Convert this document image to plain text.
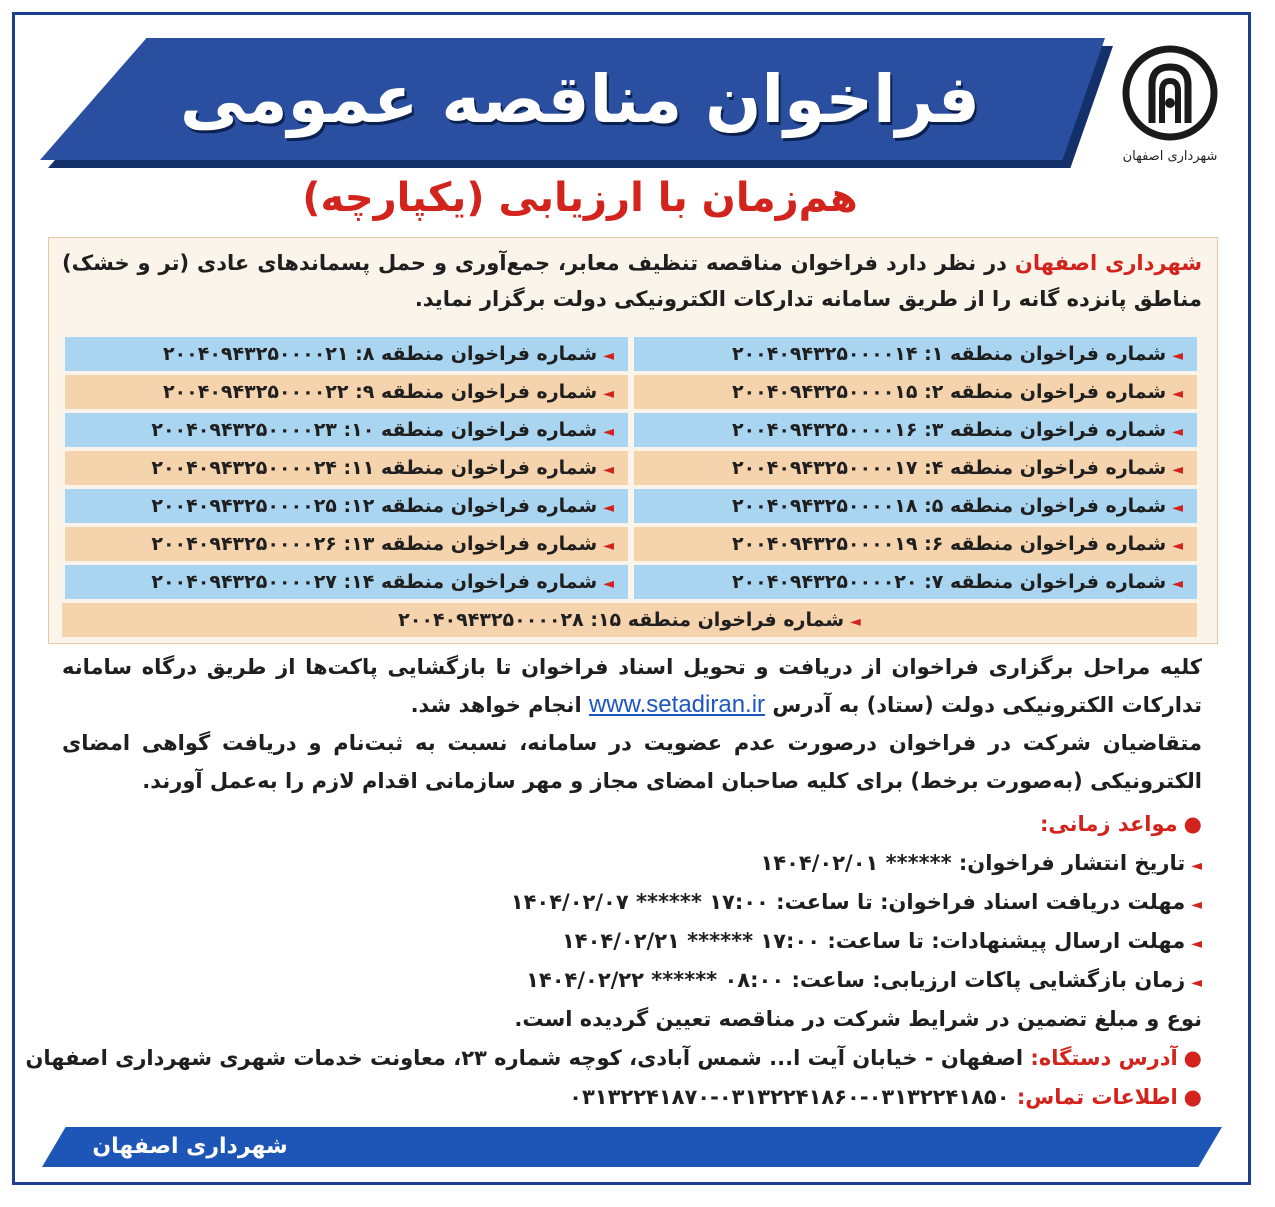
فراخوان مناقصه عمومی
شهرداری اصفهان
هم‌زمان با ارزیابی (یکپارچه)
شهرداری اصفهان در نظر دارد فراخوان مناقصه تنظیف معابر، جمع‌آوری و حمل پسماندهای عادی (تر و خشک) مناطق پانزده گانه را از طریق سامانه تدارکات الکترونیکی دولت برگزار نماید.
◄شماره فراخوان منطقه ۱: ۲۰۰۴۰۹۴۳۲۵۰۰۰۰۱۴
◄شماره فراخوان منطقه ۸: ۲۰۰۴۰۹۴۳۲۵۰۰۰۰۲۱
◄شماره فراخوان منطقه ۲: ۲۰۰۴۰۹۴۳۲۵۰۰۰۰۱۵
◄شماره فراخوان منطقه ۹: ۲۰۰۴۰۹۴۳۲۵۰۰۰۰۲۲
◄شماره فراخوان منطقه ۳: ۲۰۰۴۰۹۴۳۲۵۰۰۰۰۱۶
◄شماره فراخوان منطقه ۱۰: ۲۰۰۴۰۹۴۳۲۵۰۰۰۰۲۳
◄شماره فراخوان منطقه ۴: ۲۰۰۴۰۹۴۳۲۵۰۰۰۰۱۷
◄شماره فراخوان منطقه ۱۱: ۲۰۰۴۰۹۴۳۲۵۰۰۰۰۲۴
◄شماره فراخوان منطقه ۵: ۲۰۰۴۰۹۴۳۲۵۰۰۰۰۱۸
◄شماره فراخوان منطقه ۱۲: ۲۰۰۴۰۹۴۳۲۵۰۰۰۰۲۵
◄شماره فراخوان منطقه ۶: ۲۰۰۴۰۹۴۳۲۵۰۰۰۰۱۹
◄شماره فراخوان منطقه ۱۳: ۲۰۰۴۰۹۴۳۲۵۰۰۰۰۲۶
◄شماره فراخوان منطقه ۷: ۲۰۰۴۰۹۴۳۲۵۰۰۰۰۲۰
◄شماره فراخوان منطقه ۱۴: ۲۰۰۴۰۹۴۳۲۵۰۰۰۰۲۷
◄شماره فراخوان منطقه ۱۵: ۲۰۰۴۰۹۴۳۲۵۰۰۰۰۲۸
کلیه مراحل برگزاری فراخوان از دریافت و تحویل اسناد فراخوان تا بازگشایی پاکت‌ها از طریق درگاه سامانه تدارکات الکترونیکی دولت (ستاد) به آدرس www.setadiran.ir انجام خواهد شد.
متقاضیان شرکت در فراخوان درصورت عدم عضویت در سامانه، نسبت به ثبت‌نام و دریافت گواهی امضای الکترونیکی (به‌صورت برخط) برای کلیه صاحبان امضای مجاز و مهر سازمانی اقدام لازم را به‌عمل آورند.
●مواعد زمانی:
◄تاریخ انتشار فراخوان: ****** ۱۴۰۴/۰۲/۰۱
◄مهلت دریافت اسناد فراخوان: تا ساعت: ۱۷:۰۰ ****** ۱۴۰۴/۰۲/۰۷
◄مهلت ارسال پیشنهادات: تا ساعت: ۱۷:۰۰ ****** ۱۴۰۴/۰۲/۲۱
◄زمان بازگشایی پاکات ارزیابی: ساعت: ۰۸:۰۰ ****** ۱۴۰۴/۰۲/۲۲
نوع و مبلغ تضمین در شرایط شرکت در مناقصه تعیین گردیده است.
●آدرس دستگاه: اصفهان - خیابان آیت ا... شمس آبادی، کوچه شماره ۲۳، معاونت خدمات شهری شهرداری اصفهان
●اطلاعات تماس: ۰۳۱۳۲۲۴۱۸۵۰-۰۳۱۳۲۲۴۱۸۶۰-۰۳۱۳۲۲۴۱۸۷۰
شهرداری اصفهان
